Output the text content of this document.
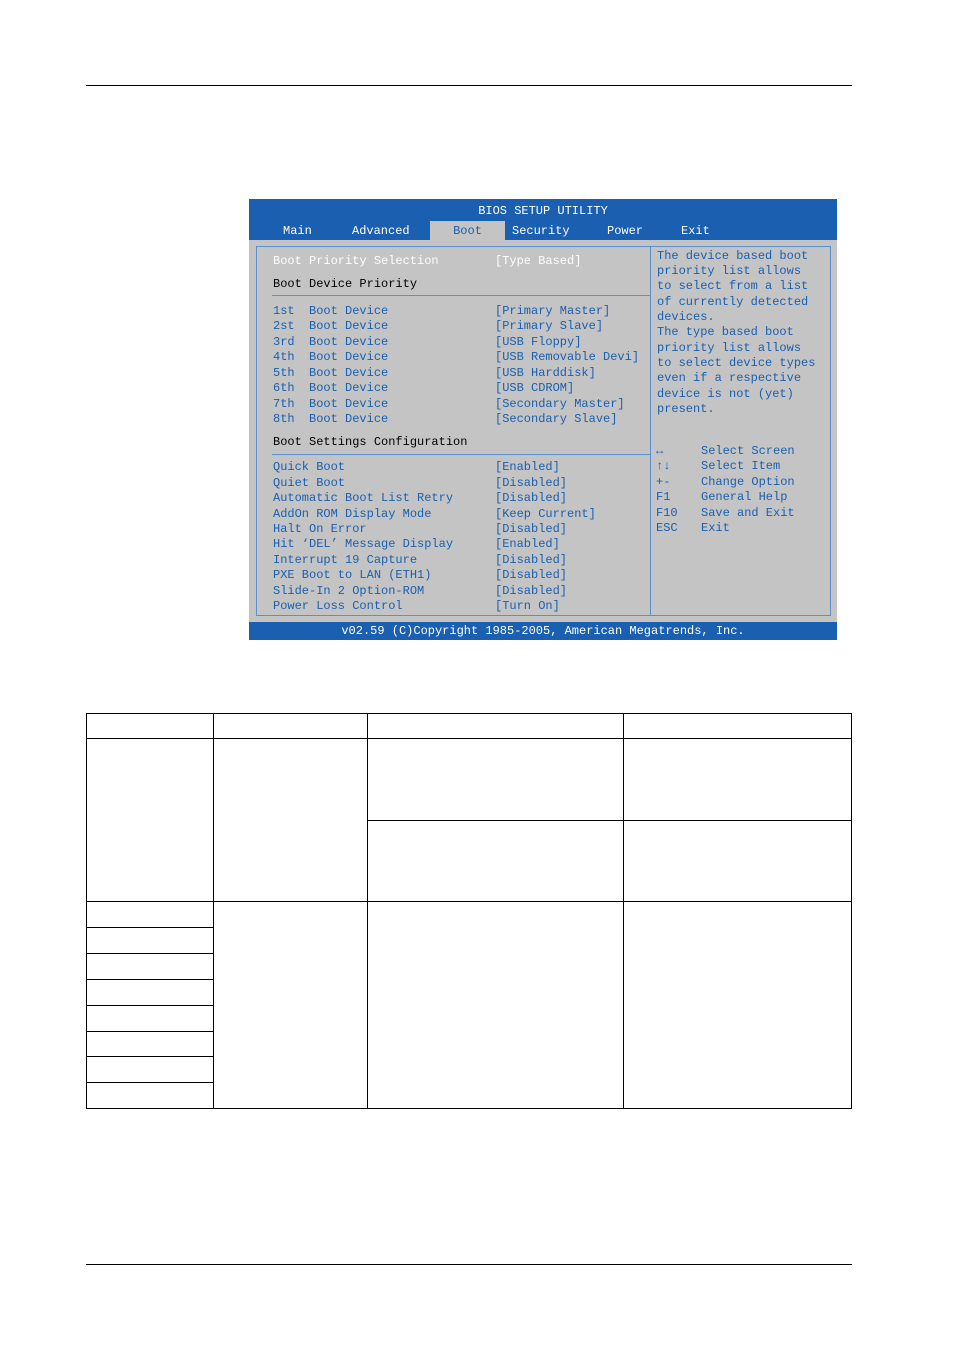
BIOS SETUP UTILITY
Main	Advanced	Boot	Security	Power	Exit
Boot Priority Selection	[Type Based]
Boot Device Priority
1st  Boot Device	[Primary Master]
2st  Boot Device	[Primary Slave]
3rd  Boot Device	[USB Floppy]
4th  Boot Device	[USB Removable Devi]
5th  Boot Device	[USB Harddisk]
6th  Boot Device	[USB CDROM]
7th  Boot Device	[Secondary Master]
8th  Boot Device	[Secondary Slave]
Boot Settings Configuration
Quick Boot	[Enabled]
Quiet Boot	[Disabled]
Automatic Boot List Retry	[Disabled]
AddOn ROM Display Mode	[Keep Current]
Halt On Error	[Disabled]
Hit ‘DEL’ Message Display	[Enabled]
Interrupt 19 Capture	[Disabled]
PXE Boot to LAN (ETH1)	[Disabled]
Slide-In 2 Option-ROM	[Disabled]
Power Loss Control	[Turn On]
The device based boot
priority list allows
to select from a list
of currently detected
devices.
The type based boot
priority list allows
to select device types
even if a respective
device is not (yet)
present.
↔	Select Screen
↑↓	Select Item
+-	Change Option
F1	General Help
F10 Save and Exit
ESC Exit
v02.59 (C)Copyright 1985-2005, American Megatrends, Inc.
